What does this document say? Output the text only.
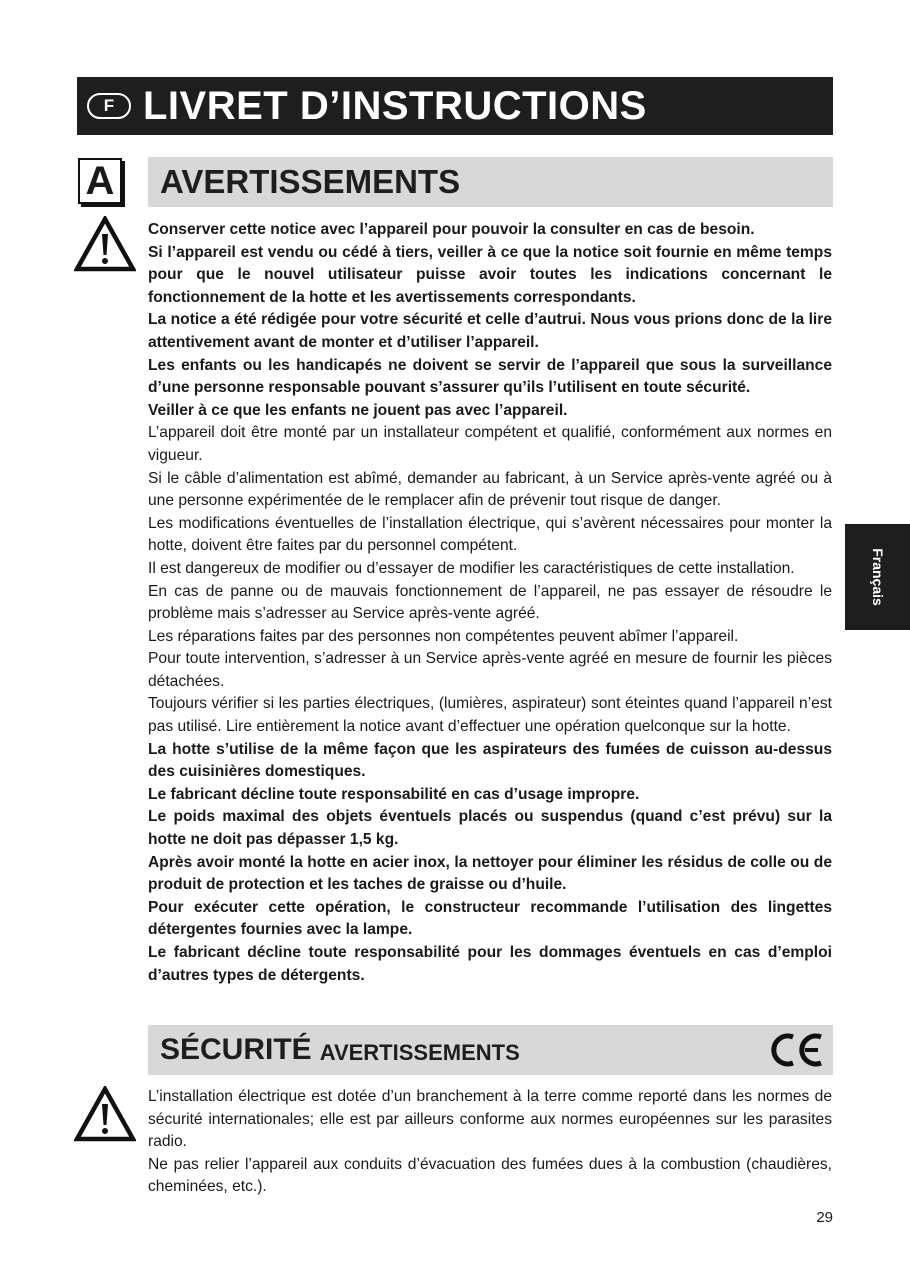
F LIVRET D’INSTRUCTIONS
A AVERTISSEMENTS

Conserver cette notice avec l’appareil pour pouvoir la consulter en cas de besoin.

Si l’appareil est vendu ou cédé à tiers, veiller à ce que la notice soit fournie en même temps pour que le nouvel utilisateur puisse avoir toutes les indications concernant le fonctionnement de la hotte et les avertissements correspondants.

La notice a été rédigée pour votre sécurité et celle d’autrui. Nous vous prions donc de la lire attentivement avant de monter et d’utiliser l’appareil.

Les enfants ou les handicapés ne doivent se servir de l’appareil que sous la surveillance d’une personne responsable pouvant s’assurer qu’ils l’utilisent en toute sécurité.

Veiller à ce que les enfants ne jouent pas avec l’appareil.

L’appareil doit être monté par un installateur compétent et qualifié, conformément aux normes en vigueur.

Si le câble d’alimentation est abîmé, demander au fabricant, à un Service après-vente agréé ou à une personne expérimentée de le remplacer afin de prévenir tout risque de danger.

Les modifications éventuelles de l’installation électrique, qui s’avèrent nécessaires pour monter la hotte, doivent être faites par du personnel compétent.

Il est dangereux de modifier ou d’essayer de modifier les caractéristiques de cette installation.

En cas de panne ou de mauvais fonctionnement de l’appareil, ne pas essayer de résoudre le problème mais s’adresser au Service après-vente agréé.

Les réparations faites par des personnes non compétentes peuvent abîmer l’appareil.

Pour toute intervention, s’adresser à un Service après-vente agréé en mesure de fournir les pièces détachées.

Toujours vérifier si les parties électriques, (lumières, aspirateur) sont éteintes quand l’appareil n’est pas utilisé. Lire entièrement la notice avant d’effectuer une opération quelconque sur la hotte.

La hotte s’utilise de la même façon que les aspirateurs des fumées de cuisson au-dessus des cuisinières domestiques.

Le fabricant décline toute responsabilité en cas d’usage impropre.

Le poids maximal des objets éventuels placés ou suspendus (quand c’est prévu) sur la hotte ne doit pas dépasser 1,5 kg.

Après avoir monté la hotte en acier inox, la nettoyer pour éliminer les résidus de colle ou de produit de protection et les taches de graisse ou d’huile.

Pour exécuter cette opération, le constructeur recommande l’utilisation des lingettes détergentes fournies avec la lampe.

Le fabricant décline toute responsabilité pour les dommages éventuels en cas d’emploi d’autres types de détergents.

SÉCURITÉ AVERTISSEMENTS

L’installation électrique est dotée d’un branchement à la terre comme reporté dans les normes de sécurité internationales; elle est par ailleurs conforme aux normes européennes sur les parasites radio.

Ne pas relier l’appareil aux conduits d’évacuation des fumées dues à la combustion (chaudières, cheminées, etc.).

Français
29
